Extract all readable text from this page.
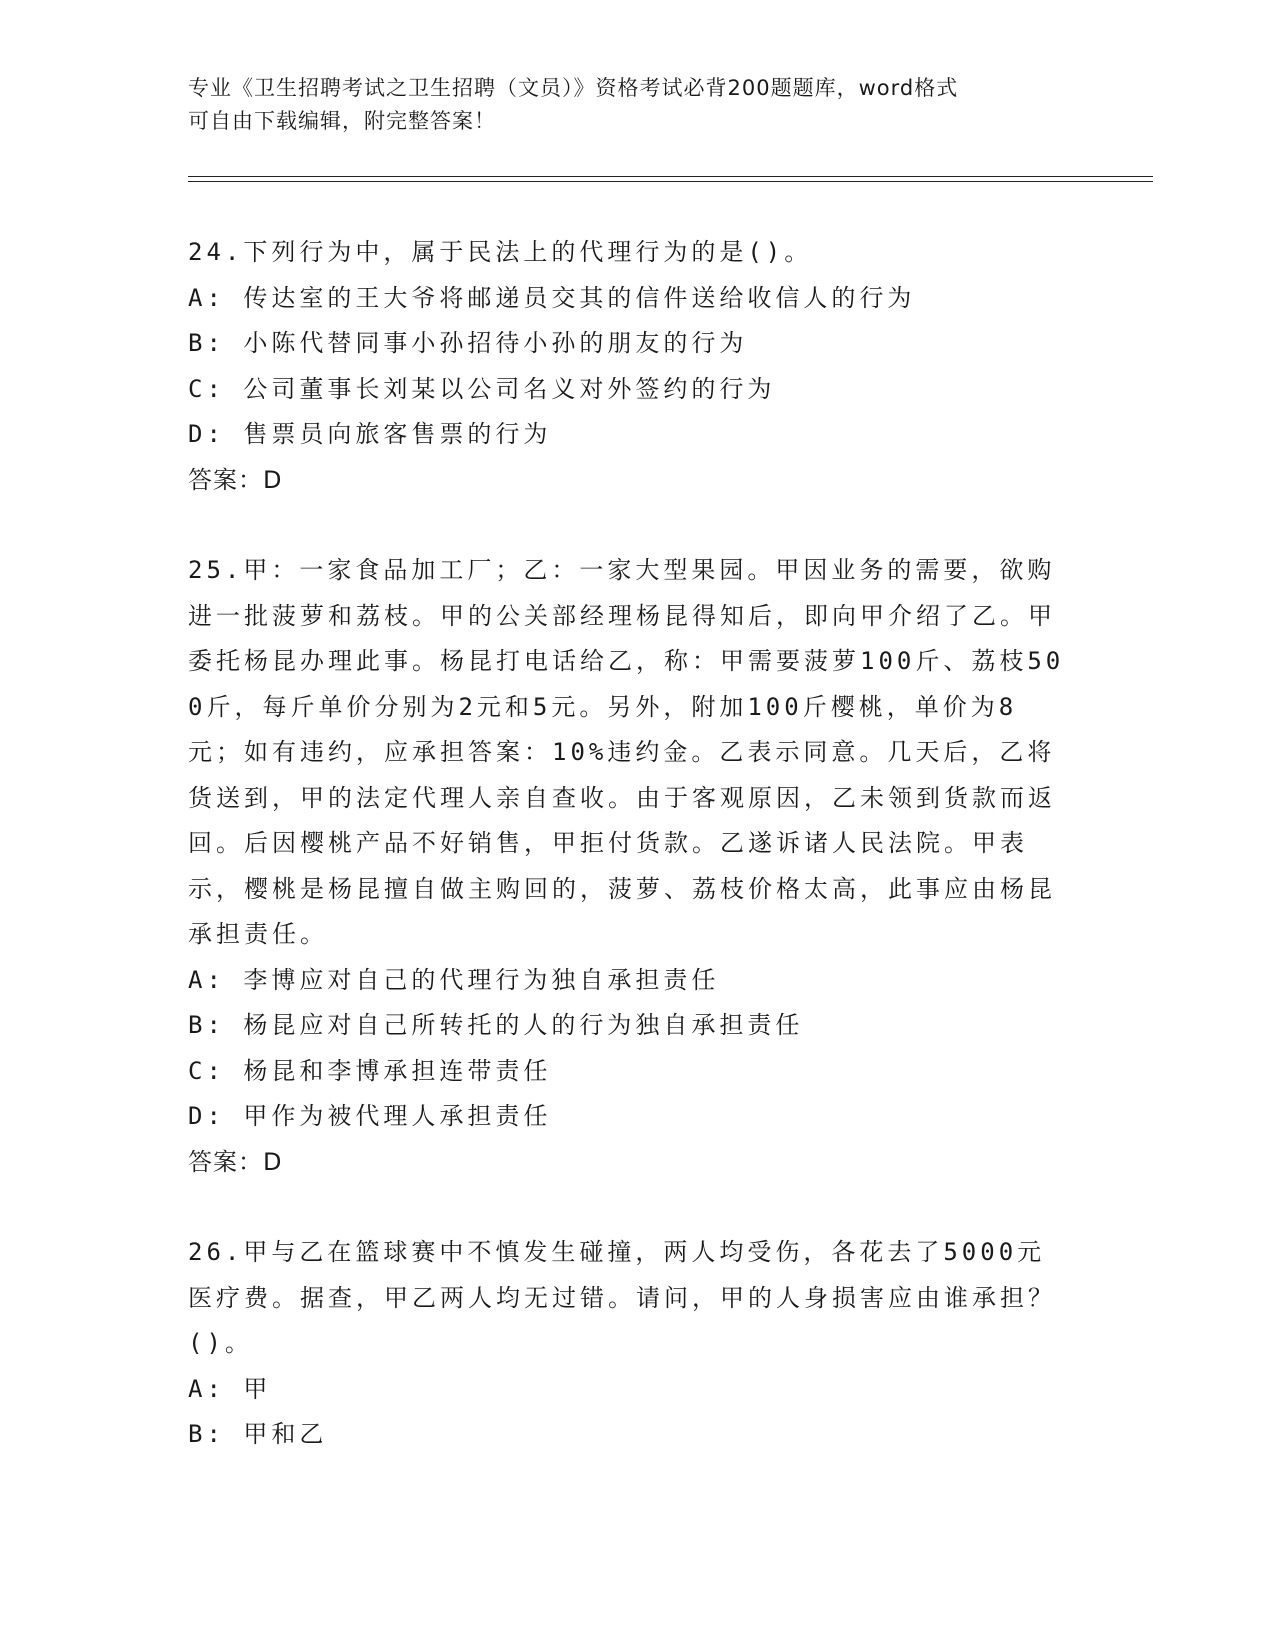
专业《卫生招聘考试之卫生招聘（文员）》资格考试必背200题题库，word格式
可自由下载编辑，附完整答案！
24.下列行为中，属于民法上的代理行为的是()。
A: 传达室的王大爷将邮递员交其的信件送给收信人的行为
B: 小陈代替同事小孙招待小孙的朋友的行为
C: 公司董事长刘某以公司名义对外签约的行为
D: 售票员向旅客售票的行为
答案：D
25.甲：一家食品加工厂；乙：一家大型果园。甲因业务的需要，欲购进一批菠萝和荔枝。甲的公关部经理杨昆得知后，即向甲介绍了乙。甲委托杨昆办理此事。杨昆打电话给乙，称：甲需要菠萝100斤、荔枝500斤，每斤单价分别为2元和5元。另外，附加100斤樱桃，单价为8元；如有违约，应承担答案：10%违约金。乙表示同意。几天后，乙将货送到，甲的法定代理人亲自查收。由于客观原因，乙未领到货款而返回。后因樱桃产品不好销售，甲拒付货款。乙遂诉诸人民法院。甲表示，樱桃是杨昆擅自做主购回的，菠萝、荔枝价格太高，此事应由杨昆承担责任。
A: 李博应对自己的代理行为独自承担责任
B: 杨昆应对自己所转托的人的行为独自承担责任
C: 杨昆和李博承担连带责任
D: 甲作为被代理人承担责任
答案：D
26.甲与乙在篮球赛中不慎发生碰撞，两人均受伤，各花去了5000元医疗费。据查，甲乙两人均无过错。请问，甲的人身损害应由谁承担？()。
A: 甲
B: 甲和乙
